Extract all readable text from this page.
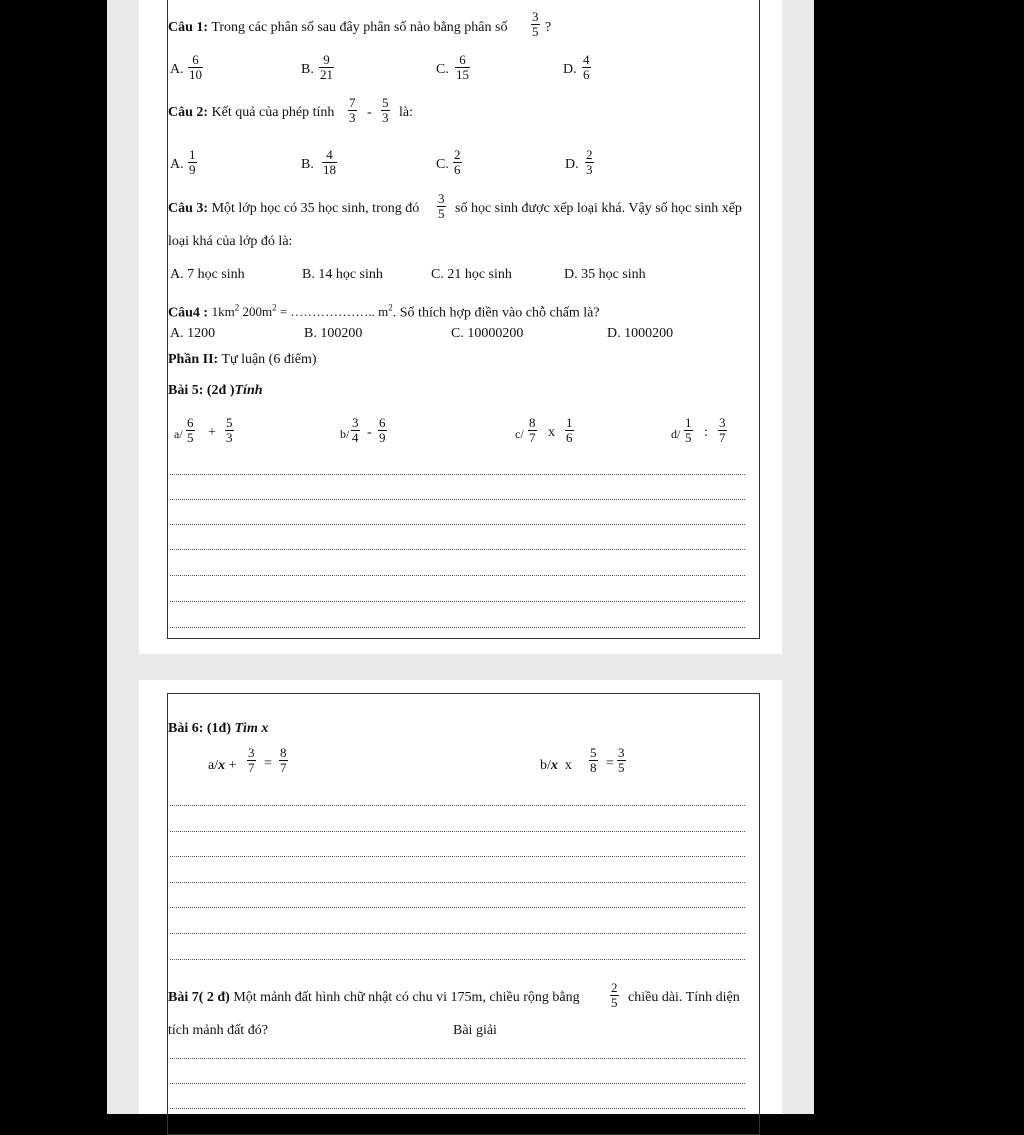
Câu 1: Trong các phân số sau đây phân số nào bằng phân số $\frac{3}{5}$ ?
A. $\frac{6}{10}$	B. $\frac{9}{21}$	C. $\frac{6}{15}$	D. $\frac{4}{6}$
Câu 2: Kết quả của phép tính $\frac{7}{3} - \frac{5}{3}$ là:
A. $\frac{1}{9}$	B. $\frac{4}{18}$	C. $\frac{2}{6}$	D. $\frac{2}{3}$
Câu 3: Một lớp học có 35 học sinh, trong đó $\frac{3}{5}$ số học sinh được xếp loại khá. Vậy số học sinh xếp
loại khá của lớp đó là:
A. 7 học sinh	B. 14 học sinh	C. 21 học sinh	D. 35 học sinh
Câu4 : $1km^2$ $200m^2$ = ……………….. $m^2$. Số thích hợp điền vào chỗ chấm là?
A. 1200	B. 100200	C. 10000200	D. 1000200
Phần II: Tự luận (6 điểm)
Bài 5: (2đ )Tính
$a/ \frac{6}{5} + \frac{5}{3}$	$b/ \frac{3}{4} - \frac{6}{9}$	$c/ \frac{8}{7}$ x $\frac{1}{6}$	$d/ \frac{1}{5}$ : $\frac{3}{7}$
Bài 6: (1đ) Tìm x
$a/x + \frac{3}{7} = \frac{8}{7}$	b/x x $\frac{5}{8} = \frac{3}{5}$
Bài 7( 2 đ) Một mảnh đất hình chữ nhật có chu vi 175m, chiều rộng bằng $\frac{2}{5}$ chiều dài. Tính diện
tích mảnh đất đó?	Bài giải
